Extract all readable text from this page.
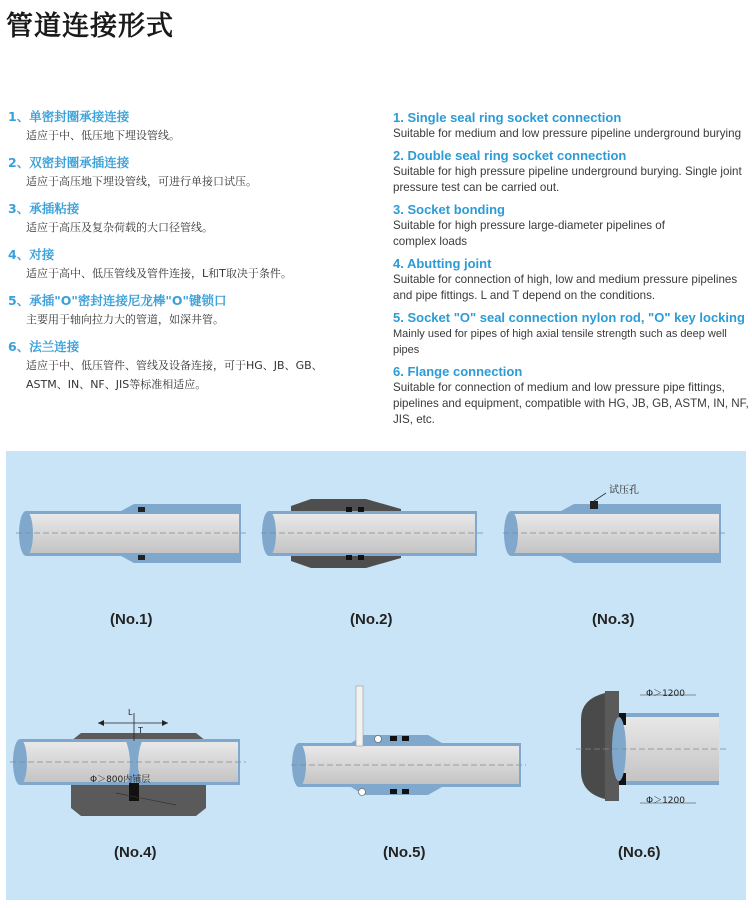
管道连接形式
1、单密封圈承接连接
适应于中、低压地下埋设管线。
2、双密封圈承插连接
适应于高压地下埋设管线，可进行单接口试压。
3、承插粘接
适应于高压及复杂荷载的大口径管线。
4、对接
适应于高中、低压管线及管件连接，L和T取决于条件。
5、承插"O"密封连接尼龙棒"O"键锁口
主要用于轴向拉力大的管道，如深井管。
6、法兰连接
适应于中、低压管件、管线及设备连接，可于HG、JB、GB、ASTM、IN、NF、JIS等标准相适应。
1. Single seal ring socket connection
Suitable for medium and low pressure pipeline underground burying
2. Double seal ring socket connection
Suitable for high pressure pipeline underground burying. Single joint pressure test can be carried out.
3. Socket bonding
Suitable for high pressure large-diameter pipelines of complex loads
4. Abutting joint
Suitable for connection of high, low and medium pressure pipelines and pipe fittings. L and T depend on the conditions.
5. Socket "O" seal connection nylon rod, "O" key locking
Mainly used for pipes of high axial tensile strength such as deep well pipes
6. Flange connection
Suitable for connection of medium and low pressure pipe fittings, pipelines and equipment, compatible with HG, JB, GB, ASTM, IN, NF, JIS, etc.
试压孔
L
T
Φ＞800内铺层
Φ＞1200
Φ＞1200
(No.1)	(No.2)	(No.3)
(No.4)	(No.5)	(No.6)
